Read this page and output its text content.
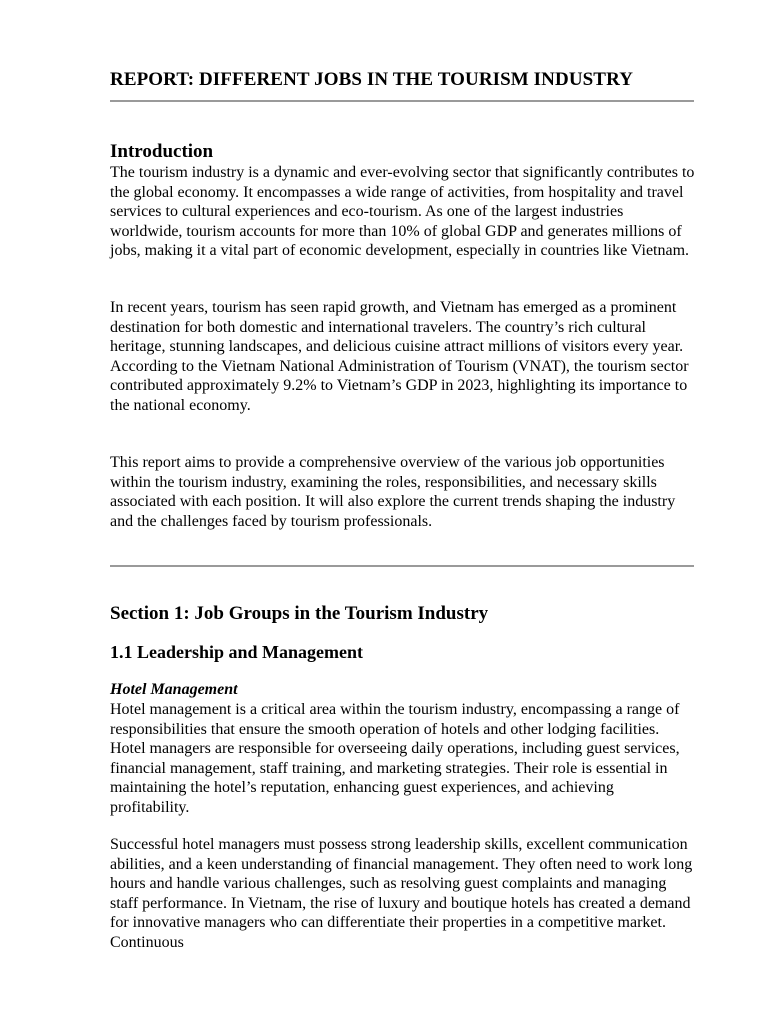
REPORT: DIFFERENT JOBS IN THE TOURISM INDUSTRY
Introduction

The tourism industry is a dynamic and ever-evolving sector that significantly contributes to the global economy. It encompasses a wide range of activities, from hospitality and travel services to cultural experiences and eco-tourism. As one of the largest industries worldwide, tourism accounts for more than 10% of global GDP and generates millions of jobs, making it a vital part of economic development, especially in countries like Vietnam.

In recent years, tourism has seen rapid growth, and Vietnam has emerged as a prominent destination for both domestic and international travelers. The country’s rich cultural heritage, stunning landscapes, and delicious cuisine attract millions of visitors every year. According to the Vietnam National Administration of Tourism (VNAT), the tourism sector contributed approximately 9.2% to Vietnam’s GDP in 2023, highlighting its importance to the national economy.

This report aims to provide a comprehensive overview of the various job opportunities within the tourism industry, examining the roles, responsibilities, and necessary skills associated with each position. It will also explore the current trends shaping the industry and the challenges faced by tourism professionals.

Section 1: Job Groups in the Tourism Industry
1.1 Leadership and Management
Hotel Management

Hotel management is a critical area within the tourism industry, encompassing a range of responsibilities that ensure the smooth operation of hotels and other lodging facilities. Hotel managers are responsible for overseeing daily operations, including guest services, financial management, staff training, and marketing strategies. Their role is essential in maintaining the hotel’s reputation, enhancing guest experiences, and achieving profitability.

Successful hotel managers must possess strong leadership skills, excellent communication abilities, and a keen understanding of financial management. They often need to work long hours and handle various challenges, such as resolving guest complaints and managing staff performance. In Vietnam, the rise of luxury and boutique hotels has created a demand for innovative managers who can differentiate their properties in a competitive market. Continuous
